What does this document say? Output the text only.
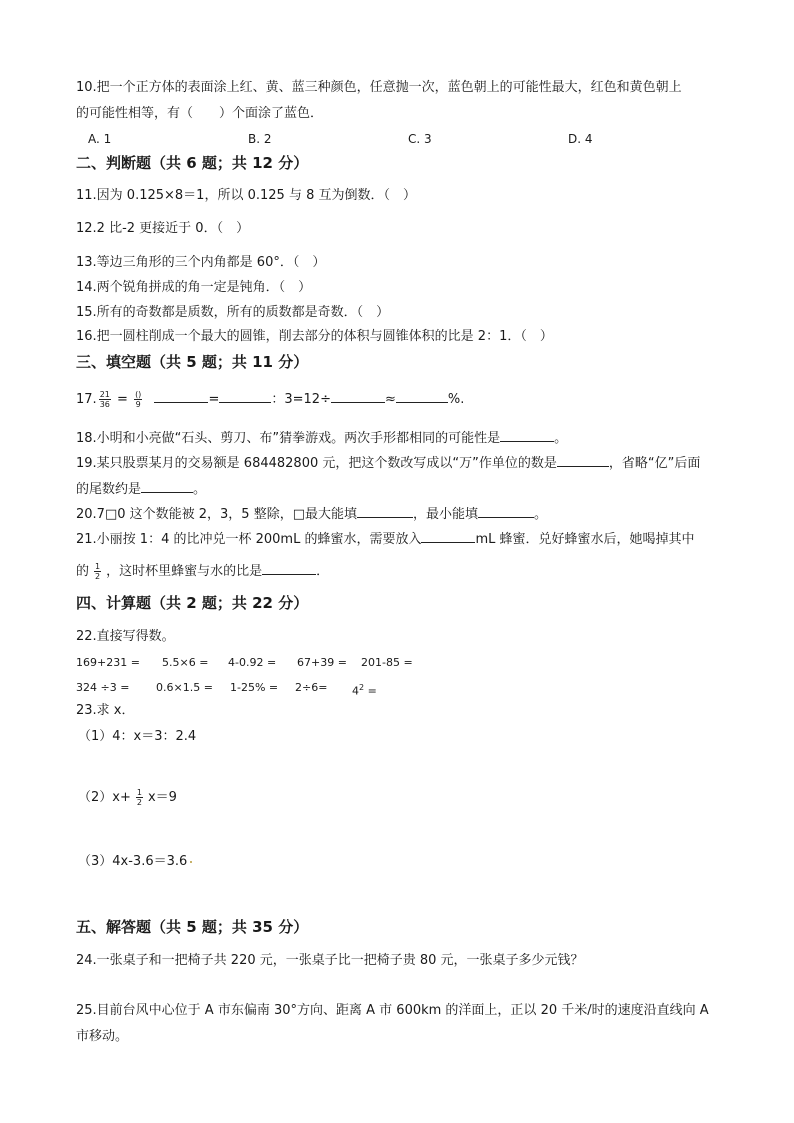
10.把一个正方体的表面涂上红、黄、蓝三种颜色，任意抛一次，蓝色朝上的可能性最大，红色和黄色朝上
的可能性相等，有（　　）个面涂了蓝色．
A. 1	B. 2	C. 3	D. 4
二、判断题（共 6 题；共 12 分）
11.因为 0.125×8＝1，所以 0.125 与 8 互为倒数．（　）
12.2 比-2 更接近于 0．（　）
13.等边三角形的三个内角都是 60°．（　）
14.两个锐角拼成的角一定是钝角．（　）
15.所有的奇数都是质数，所有的质数都是奇数．（　）
16.把一圆柱削成一个最大的圆锥，削去部分的体积与圆锥体积的比是 2：1．（　）
三、填空题（共 5 题；共 11 分）
17. $\frac{21}{36} = \frac{()}{9}$	=	：3=12÷	≈	%.
18.小明和小亮做“石头、剪刀、布”猜拳游戏。两次手形都相同的可能性是	。
19.某只股票某月的交易额是 684482800 元，把这个数改写成以“万”作单位的数是	，省略“亿”后面
的尾数约是	。
20.7□0 这个数能被 2，3，5 整除，□最大能填	，最小能填	。
21.小丽按 1：4 的比冲兑一杯 200mL 的蜂蜜水，需要放入	mL 蜂蜜．兑好蜂蜜水后，她喝掉其中
的 $\frac{1}{2}$ ，这时杯里蜂蜜与水的比是	．
四、计算题（共 2 题；共 22 分）
22.直接写得数。
169+231 = 5.5×6 = 4-0.92 = 67+39 = 201-85 =
$324 \div 3 = 0.6\times 1.5 = 1-25\% = 2\div 6= 4^2$ =
23.求 x．
（1）4：x＝3：2.4
$(2)x+ \frac{1}{2} x=9$
（3）4x-3.6＝3.6
五、解答题（共 5 题；共 35 分）
24.一张桌子和一把椅子共 220 元，一张桌子比一把椅子贵 80 元，一张桌子多少元钱？
25.目前台风中心位于 A 市东偏南 30°方向、距离 A 市 600km 的洋面上，正以 20 千米/时的速度沿直线向 A
市移动。
